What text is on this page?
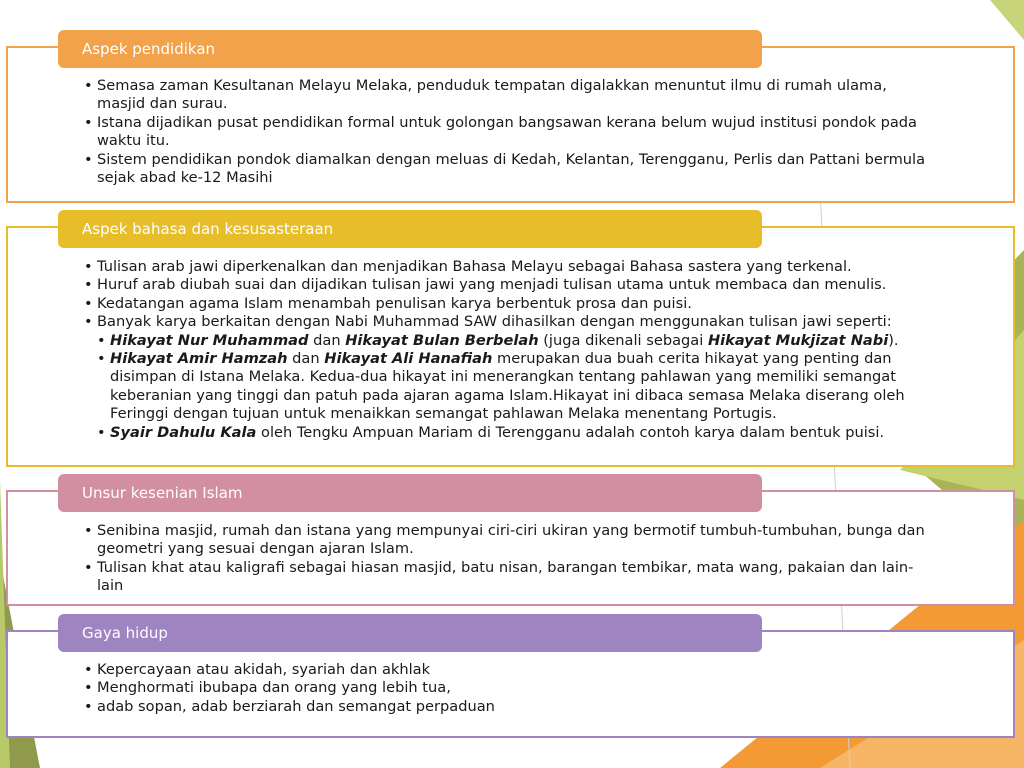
Aspek pendidikan
• Semasa zaman Kesultanan Melayu Melaka, penduduk tempatan digalakkan menuntut ilmu di rumah ulama, masjid dan surau.
• Istana dijadikan pusat pendidikan formal untuk golongan bangsawan kerana belum wujud institusi pondok pada waktu itu.
• Sistem pendidikan pondok diamalkan dengan meluas di Kedah, Kelantan, Terengganu, Perlis dan Pattani bermula sejak abad ke-12 Masihi
Aspek bahasa dan kesusasteraan
• Tulisan arab jawi diperkenalkan dan menjadikan Bahasa Melayu sebagai Bahasa sastera yang terkenal.
• Huruf arab diubah suai dan dijadikan tulisan jawi yang menjadi tulisan utama untuk membaca dan menulis.
• Kedatangan agama Islam menambah penulisan karya berbentuk prosa dan puisi.
• Banyak karya berkaitan dengan Nabi Muhammad SAW dihasilkan dengan menggunakan tulisan jawi seperti:
• Hikayat Nur Muhammad dan Hikayat Bulan Berbelah (juga dikenali sebagai Hikayat Mukjizat Nabi).
• Hikayat Amir Hamzah dan Hikayat Ali Hanafiah merupakan dua buah cerita hikayat yang penting dan disimpan di Istana Melaka. Kedua-dua hikayat ini menerangkan tentang pahlawan yang memiliki semangat keberanian yang tinggi dan patuh pada ajaran agama Islam.Hikayat ini dibaca semasa Melaka diserang oleh Feringgi dengan tujuan untuk menaikkan semangat pahlawan Melaka menentang Portugis.
• Syair Dahulu Kala oleh Tengku Ampuan Mariam di Terengganu adalah contoh karya dalam bentuk puisi.
Unsur kesenian Islam
• Senibina masjid, rumah dan istana yang mempunyai ciri-ciri ukiran yang bermotif tumbuh-tumbuhan, bunga dan geometri yang sesuai dengan ajaran Islam.
• Tulisan khat atau kaligrafi sebagai hiasan masjid, batu nisan, barangan tembikar, mata wang, pakaian dan lain-lain
Gaya hidup
• Kepercayaan atau akidah, syariah dan akhlak
• Menghormati ibubapa dan orang yang lebih tua,
• adab sopan, adab berziarah dan semangat perpaduan
